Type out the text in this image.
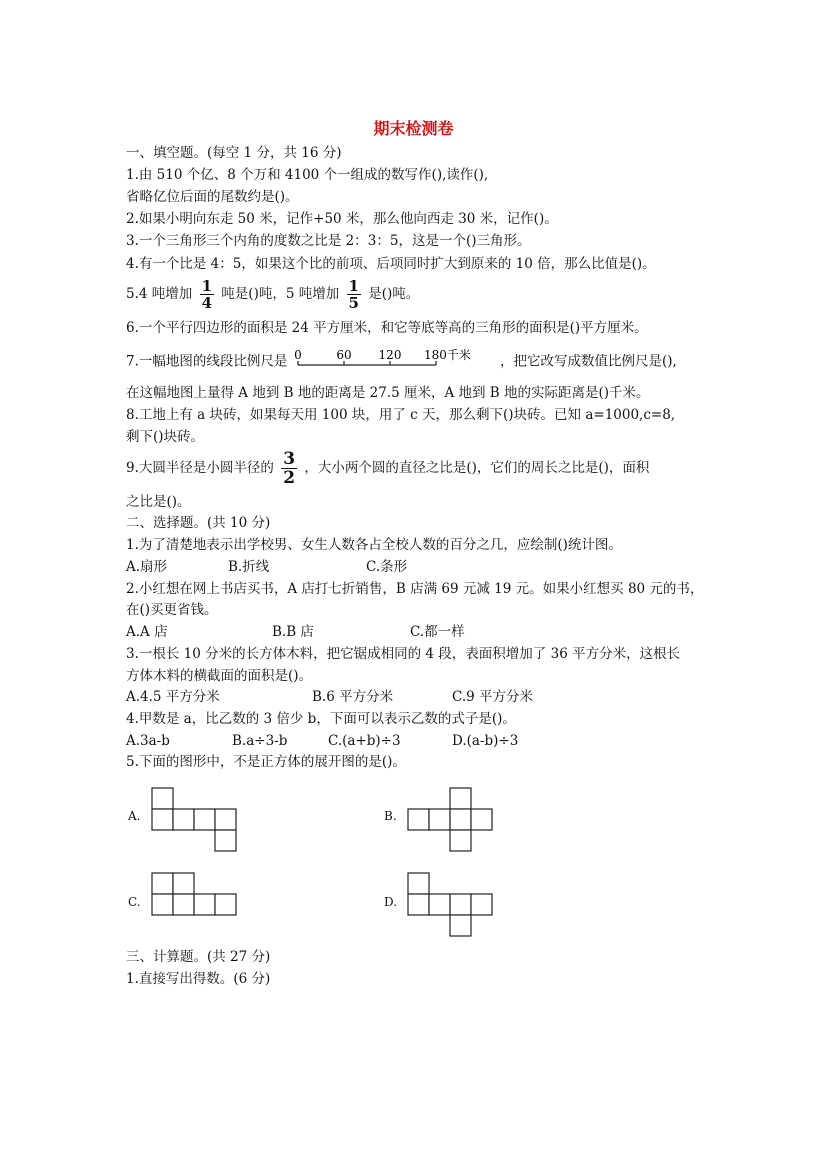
期末检测卷
一、填空题。(每空 1 分，共 16 分)
1.由 510 个亿、8 个万和 4100 个一组成的数写作(),读作(),
省略亿位后面的尾数约是()。
2.如果小明向东走 50 米，记作+50 米，那么他向西走 30 米，记作()。
3.一个三角形三个内角的度数之比是 2：3：5，这是一个()三角形。
4.有一个比是 4：5，如果这个比的前项、后项同时扩大到原来的 10 倍，那么比值是()。
5.4 吨增加 $\frac{1}{4}$ 吨是()吨，5 吨增加 $\frac{1}{5}$ 是()吨。
6.一个平行四边形的面积是 24 平方厘米，和它等底等高的三角形的面积是()平方厘米。
7.一幅地图的线段比例尺是 0	60 120 180千米 ，把它改写成数值比例尺是(),
在这幅地图上量得 A 地到 B 地的距离是 27.5 厘米，A 地到 B 地的实际距离是()千米。
8.工地上有 a 块砖，如果每天用 100 块，用了 c 天，那么剩下()块砖。已知 a=1000,c=8,
剩下()块砖。
9.大圆半径是小圆半径的 $\frac{3}{2}$ ，大小两个圆的直径之比是()，它们的周长之比是()，面积
之比是()。
二、选择题。(共 10 分)
1.为了清楚地表示出学校男、女生人数各占全校人数的百分之几，应绘制()统计图。
A.扇形	B.折线	C.条形
2.小红想在网上书店买书，A 店打七折销售，B 店满 69 元减 19 元。如果小红想买 80 元的书，
在()买更省钱。
A.A 店	B.B 店	C.都一样
3.一根长 10 分米的长方体木料，把它锯成相同的 4 段，表面积增加了 36 平方分米，这根长
方体木料的横截面的面积是()。
A.4.5 平方分米	B.6 平方分米	C.9 平方分米
4.甲数是 a，比乙数的 3 倍少 b，下面可以表示乙数的式子是()。
A.3a-b	B.a÷3-b	C.(a+b)÷3	D.(a-b)÷3
5.下面的图形中，不是正方体的展开图的是()。
A.	B.
C.	D.
三、计算题。(共 27 分)
1.直接写出得数。(6 分)
